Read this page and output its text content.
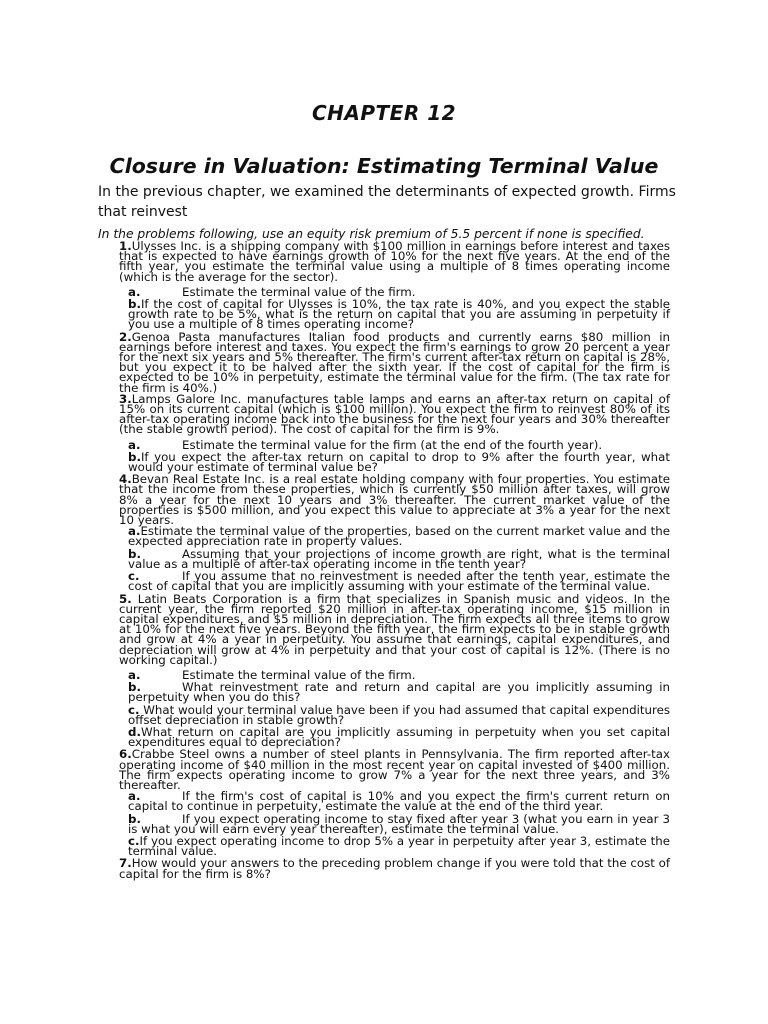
CHAPTER 12
Closure in Valuation: Estimating Terminal Value
In the previous chapter, we examined the determinants of expected growth. Firms that reinvest
In the problems following, use an equity risk premium of 5.5 percent if none is specified.
1.Ulysses Inc. is a shipping company with $100 million in earnings before interest and taxes that is expected to have earnings growth of 10% for the next five years. At the end of the fifth year, you estimate the terminal value using a multiple of 8 times operating income (which is the average for the sector).
a.	Estimate the terminal value of the firm.
b.If the cost of capital for Ulysses is 10%, the tax rate is 40%, and you expect the stable growth rate to be 5%, what is the return on capital that you are assuming in perpetuity if you use a multiple of 8 times operating income?
2.Genoa Pasta manufactures Italian food products and currently earns $80 million in earnings before interest and taxes. You expect the firm's earnings to grow 20 percent a year for the next six years and 5% thereafter. The firm's current after-tax return on capital is 28%, but you expect it to be halved after the sixth year. If the cost of capital for the firm is expected to be 10% in perpetuity, estimate the terminal value for the firm. (The tax rate for the firm is 40%.)
3.Lamps Galore Inc. manufactures table lamps and earns an after-tax return on capital of 15% on its current capital (which is $100 million). You expect the firm to reinvest 80% of its after-tax operating income back into the business for the next four years and 30% thereafter (the stable growth period). The cost of capital for the firm is 9%.
a.	Estimate the terminal value for the firm (at the end of the fourth year).
b.If you expect the after-tax return on capital to drop to 9% after the fourth year, what would your estimate of terminal value be?
4.Bevan Real Estate Inc. is a real estate holding company with four properties. You estimate that the income from these properties, which is currently $50 million after taxes, will grow 8% a year for the next 10 years and 3% thereafter. The current market value of the properties is $500 million, and you expect this value to appreciate at 3% a year for the next 10 years.
a.Estimate the terminal value of the properties, based on the current market value and the expected appreciation rate in property values.
b.	Assuming that your projections of income growth are right, what is the terminal value as a multiple of after-tax operating income in the tenth year?
c.	If you assume that no reinvestment is needed after the tenth year, estimate the cost of capital that you are implicitly assuming with your estimate of the terminal value.
5. Latin Beats Corporation is a firm that specializes in Spanish music and videos. In the current year, the firm reported $20 million in after-tax operating income, $15 million in capital expenditures, and $5 million in depreciation. The firm expects all three items to grow at 10% for the next five years. Beyond the fifth year, the firm expects to be in stable growth and grow at 4% a year in perpetuity. You assume that earnings, capital expenditures, and depreciation will grow at 4% in perpetuity and that your cost of capital is 12%. (There is no working capital.)
a.	Estimate the terminal value of the firm.
b.	What reinvestment rate and return and capital are you implicitly assuming in perpetuity when you do this?
c. What would your terminal value have been if you had assumed that capital expenditures offset depreciation in stable growth?
d.What return on capital are you implicitly assuming in perpetuity when you set capital expenditures equal to depreciation?
6.Crabbe Steel owns a number of steel plants in Pennsylvania. The firm reported after-tax operating income of $40 million in the most recent year on capital invested of $400 million. The firm expects operating income to grow 7% a year for the next three years, and 3% thereafter.
a.	If the firm's cost of capital is 10% and you expect the firm's current return on capital to continue in perpetuity, estimate the value at the end of the third year.
b.	If you expect operating income to stay fixed after year 3 (what you earn in year 3 is what you will earn every year thereafter), estimate the terminal value.
c.If you expect operating income to drop 5% a year in perpetuity after year 3, estimate the terminal value.
7.How would your answers to the preceding problem change if you were told that the cost of capital for the firm is 8%?
